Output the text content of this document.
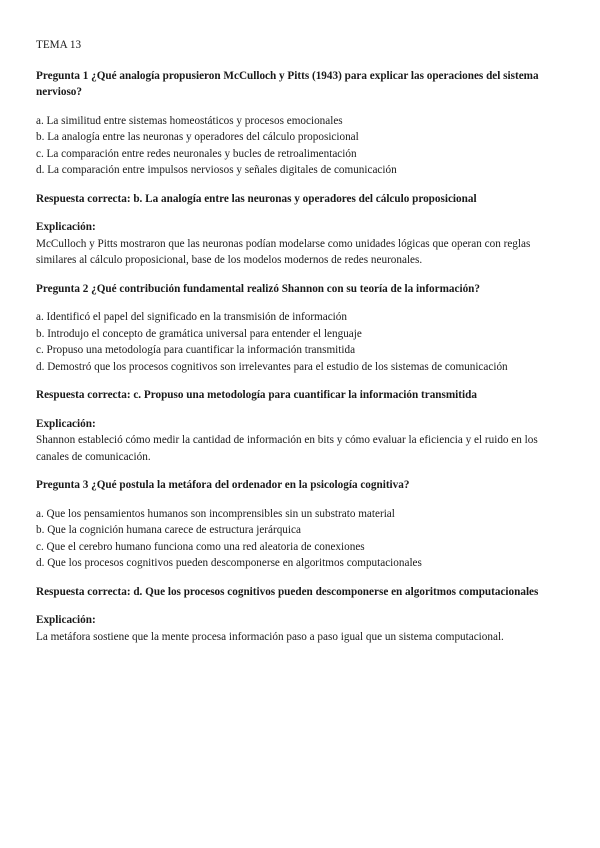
TEMA 13

Pregunta 1 ¿Qué analogía propusieron McCulloch y Pitts (1943) para explicar las operaciones del sistema nervioso?

a. La similitud entre sistemas homeostáticos y procesos emocionales
b. La analogía entre las neuronas y operadores del cálculo proposicional
c. La comparación entre redes neuronales y bucles de retroalimentación
d. La comparación entre impulsos nerviosos y señales digitales de comunicación

Respuesta correcta: b. La analogía entre las neuronas y operadores del cálculo proposicional

Explicación:

McCulloch y Pitts mostraron que las neuronas podían modelarse como unidades lógicas que operan con reglas similares al cálculo proposicional, base de los modelos modernos de redes neuronales.

Pregunta 2 ¿Qué contribución fundamental realizó Shannon con su teoría de la información?

a. Identificó el papel del significado en la transmisión de información
b. Introdujo el concepto de gramática universal para entender el lenguaje
c. Propuso una metodología para cuantificar la información transmitida
d. Demostró que los procesos cognitivos son irrelevantes para el estudio de los sistemas de comunicación

Respuesta correcta: c. Propuso una metodología para cuantificar la información transmitida

Explicación:

Shannon estableció cómo medir la cantidad de información en bits y cómo evaluar la eficiencia y el ruido en los canales de comunicación.

Pregunta 3 ¿Qué postula la metáfora del ordenador en la psicología cognitiva?

a. Que los pensamientos humanos son incomprensibles sin un substrato material
b. Que la cognición humana carece de estructura jerárquica
c. Que el cerebro humano funciona como una red aleatoria de conexiones
d. Que los procesos cognitivos pueden descomponerse en algoritmos computacionales

Respuesta correcta: d. Que los procesos cognitivos pueden descomponerse en algoritmos computacionales

Explicación:

La metáfora sostiene que la mente procesa información paso a paso igual que un sistema computacional.
